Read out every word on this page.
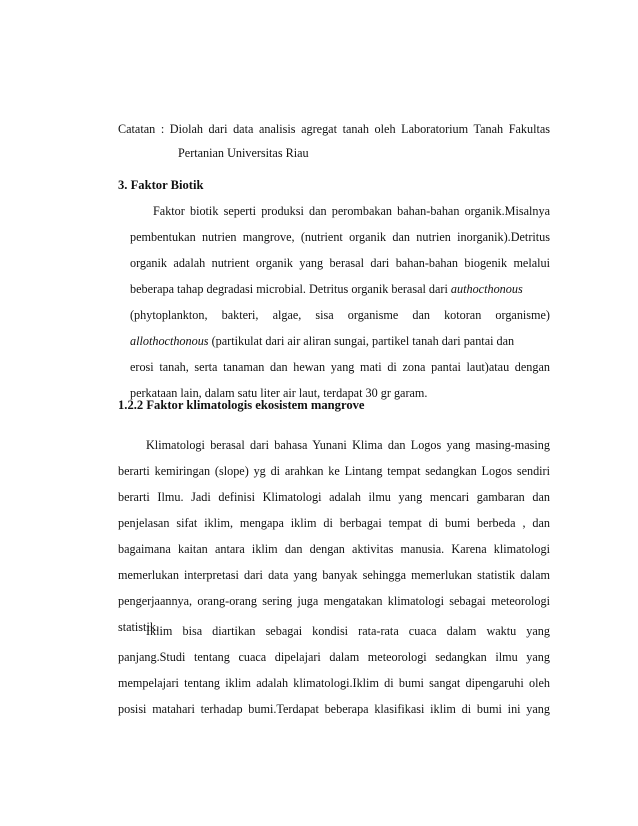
Catatan : Diolah dari data analisis agregat tanah oleh Laboratorium Tanah Fakultas
Pertanian Universitas Riau
3. Faktor Biotik
Faktor biotik seperti produksi dan perombakan bahan-bahan organik.Misalnya
pembentukan nutrien mangrove, (nutrient organik dan nutrien inorganik).Detritus
organik adalah nutrient organik yang berasal dari bahan-bahan biogenik melalui
beberapa tahap degradasi microbial. Detritus organik berasal dari authocthonous
(phytoplankton, bakteri, algae, sisa organisme dan kotoran organisme)
allothocthonous (partikulat dari air aliran sungai, partikel tanah dari pantai dan
erosi tanah, serta tanaman dan hewan yang mati di zona pantai laut)atau dengan
perkataan lain, dalam satu liter air laut, terdapat 30 gr garam.
1.2.2 Faktor klimatologis ekosistem mangrove
Klimatologi berasal dari bahasa Yunani Klima dan Logos yang masing-masing
berarti kemiringan (slope) yg di arahkan ke Lintang tempat sedangkan Logos sendiri
berarti Ilmu. Jadi definisi Klimatologi adalah ilmu yang mencari gambaran dan
penjelasan sifat iklim, mengapa iklim di berbagai tempat di bumi berbeda , dan
bagaimana kaitan antara iklim dan dengan aktivitas manusia. Karena klimatologi
memerlukan interpretasi dari data yang banyak sehingga memerlukan statistik dalam
pengerjaannya, orang-orang sering juga mengatakan klimatologi sebagai meteorologi
statistik.
Iklim bisa diartikan sebagai kondisi rata-rata cuaca dalam waktu yang
panjang.Studi tentang cuaca dipelajari dalam meteorologi sedangkan ilmu yang
mempelajari tentang iklim adalah klimatologi.Iklim di bumi sangat dipengaruhi oleh
posisi matahari terhadap bumi.Terdapat beberapa klasifikasi iklim di bumi ini yang
